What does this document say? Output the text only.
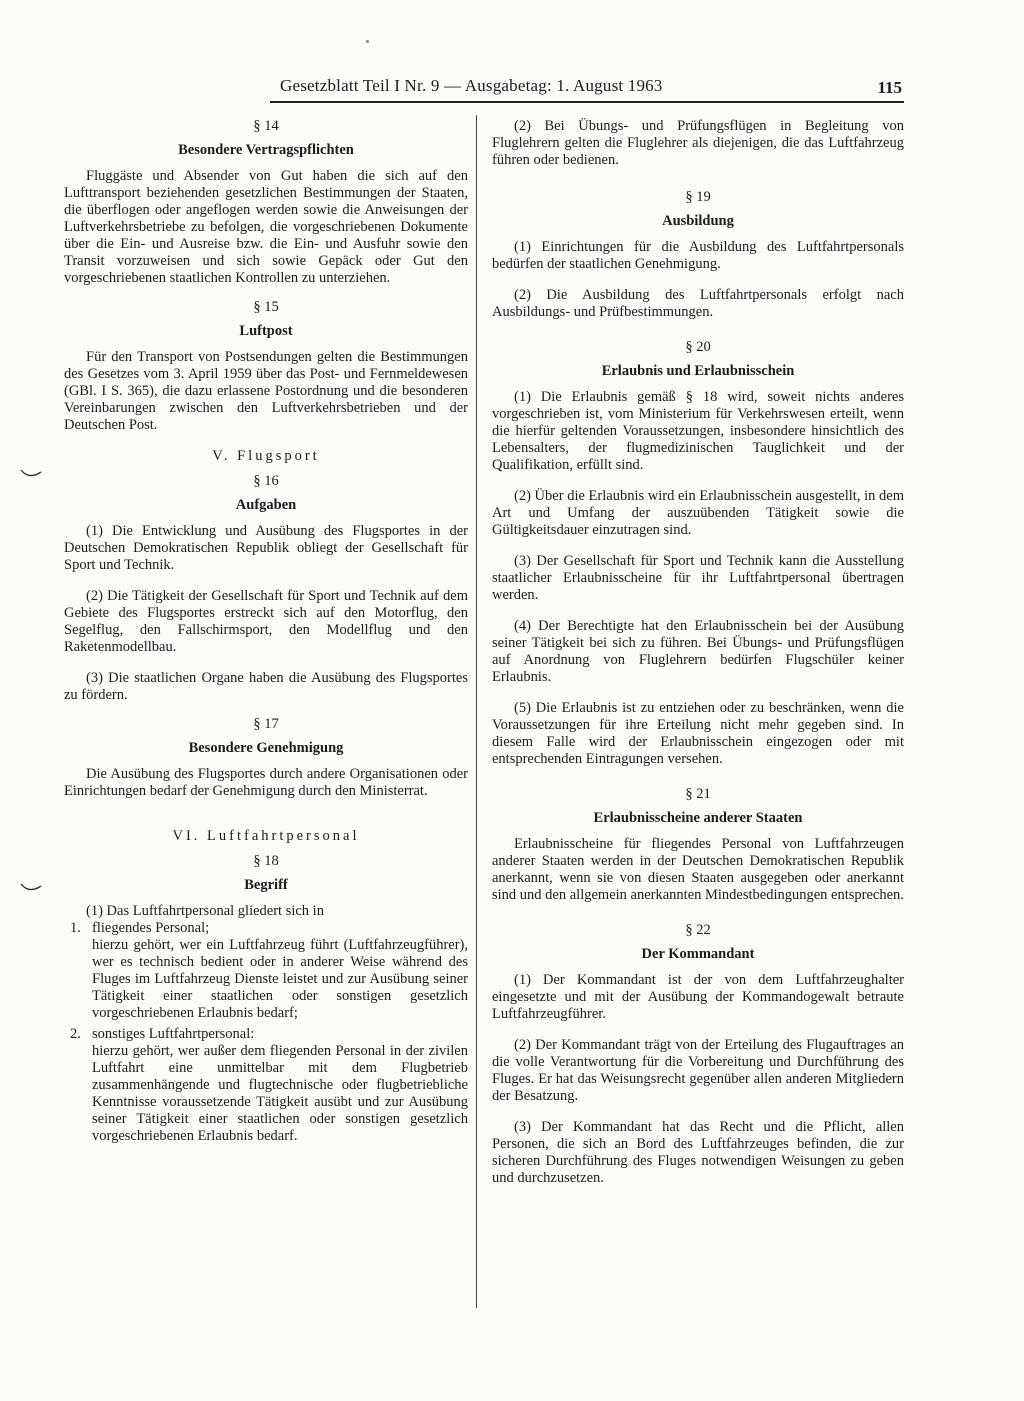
Gesetzblatt Teil I Nr. 9 — Ausgabetag: 1. August 1963	115

§ 14

Besondere Vertragspflichten

Fluggäste und Absender von Gut haben die sich auf den Lufttransport beziehenden gesetzlichen Bestimmungen der Staaten, die überflogen oder angeflogen werden sowie die Anweisungen der Luftverkehrsbetriebe zu befolgen, die vorgeschriebenen Dokumente über die Ein- und Ausreise bzw. die Ein- und Ausfuhr sowie den Transit vorzuweisen und sich sowie Gepäck oder Gut den vorgeschriebenen staatlichen Kontrollen zu unterziehen.

§ 15

Luftpost

Für den Transport von Postsendungen gelten die Bestimmungen des Gesetzes vom 3. April 1959 über das Post- und Fernmeldewesen (GBl. I S. 365), die dazu erlassene Postordnung und die besonderen Vereinbarungen zwischen den Luftverkehrsbetrieben und der Deutschen Post.

V. Flugsport

§ 16

Aufgaben

(1) Die Entwicklung und Ausübung des Flugsportes in der Deutschen Demokratischen Republik obliegt der Gesellschaft für Sport und Technik.

(2) Die Tätigkeit der Gesellschaft für Sport und Technik auf dem Gebiete des Flugsportes erstreckt sich auf den Motorflug, den Segelflug, den Fallschirmsport, den Modellflug und den Raketenmodellbau.

(3) Die staatlichen Organe haben die Ausübung des Flugsportes zu fördern.

§ 17

Besondere Genehmigung

Die Ausübung des Flugsportes durch andere Organisationen oder Einrichtungen bedarf der Genehmigung durch den Ministerrat.

VI. Luftfahrtpersonal

§ 18

Begriff

(1) Das Luftfahrtpersonal gliedert sich in

1. fliegendes Personal;

hierzu gehört, wer ein Luftfahrzeug führt (Luftfahrzeugführer), wer es technisch bedient oder in anderer Weise während des Fluges im Luftfahrzeug Dienste leistet und zur Ausübung seiner Tätigkeit einer staatlichen oder sonstigen gesetzlich vorgeschriebenen Erlaubnis bedarf;

2. sonstiges Luftfahrtpersonal:

hierzu gehört, wer außer dem fliegenden Personal in der zivilen Luftfahrt eine unmittelbar mit dem Flugbetrieb zusammenhängende und flugtechnische oder flugbetriebliche Kenntnisse voraussetzende Tätigkeit ausübt und zur Ausübung seiner Tätigkeit einer staatlichen oder sonstigen gesetzlich vorgeschriebenen Erlaubnis bedarf.

(2) Bei Übungs- und Prüfungsflügen in Begleitung von Fluglehrern gelten die Fluglehrer als diejenigen, die das Luftfahrzeug führen oder bedienen.

§ 19

Ausbildung

(1) Einrichtungen für die Ausbildung des Luftfahrtpersonals bedürfen der staatlichen Genehmigung.

(2) Die Ausbildung des Luftfahrtpersonals erfolgt nach Ausbildungs- und Prüfbestimmungen.

§ 20

Erlaubnis und Erlaubnisschein

(1) Die Erlaubnis gemäß § 18 wird, soweit nichts anderes vorgeschrieben ist, vom Ministerium für Verkehrswesen erteilt, wenn die hierfür geltenden Voraussetzungen, insbesondere hinsichtlich des Lebensalters, der flugmedizinischen Tauglichkeit und der Qualifikation, erfüllt sind.

(2) Über die Erlaubnis wird ein Erlaubnisschein ausgestellt, in dem Art und Umfang der auszuübenden Tätigkeit sowie die Gültigkeitsdauer einzutragen sind.

(3) Der Gesellschaft für Sport und Technik kann die Ausstellung staatlicher Erlaubnisscheine für ihr Luftfahrtpersonal übertragen werden.

(4) Der Berechtigte hat den Erlaubnisschein bei der Ausübung seiner Tätigkeit bei sich zu führen. Bei Übungs- und Prüfungsflügen auf Anordnung von Fluglehrern bedürfen Flugschüler keiner Erlaubnis.

(5) Die Erlaubnis ist zu entziehen oder zu beschränken, wenn die Voraussetzungen für ihre Erteilung nicht mehr gegeben sind. In diesem Falle wird der Erlaubnisschein eingezogen oder mit entsprechenden Eintragungen versehen.

§ 21

Erlaubnisscheine anderer Staaten

Erlaubnisscheine für fliegendes Personal von Luftfahrzeugen anderer Staaten werden in der Deutschen Demokratischen Republik anerkannt, wenn sie von diesen Staaten ausgegeben oder anerkannt sind und den allgemein anerkannten Mindestbedingungen entsprechen.

§ 22

Der Kommandant

(1) Der Kommandant ist der von dem Luftfahrzeughalter eingesetzte und mit der Ausübung der Kommandogewalt betraute Luftfahrzeugführer.

(2) Der Kommandant trägt von der Erteilung des Flugauftrages an die volle Verantwortung für die Vorbereitung und Durchführung des Fluges. Er hat das Weisungsrecht gegenüber allen anderen Mitgliedern der Besatzung.

(3) Der Kommandant hat das Recht und die Pflicht, allen Personen, die sich an Bord des Luftfahrzeuges befinden, die zur sicheren Durchführung des Fluges notwendigen Weisungen zu geben und durchzusetzen.
